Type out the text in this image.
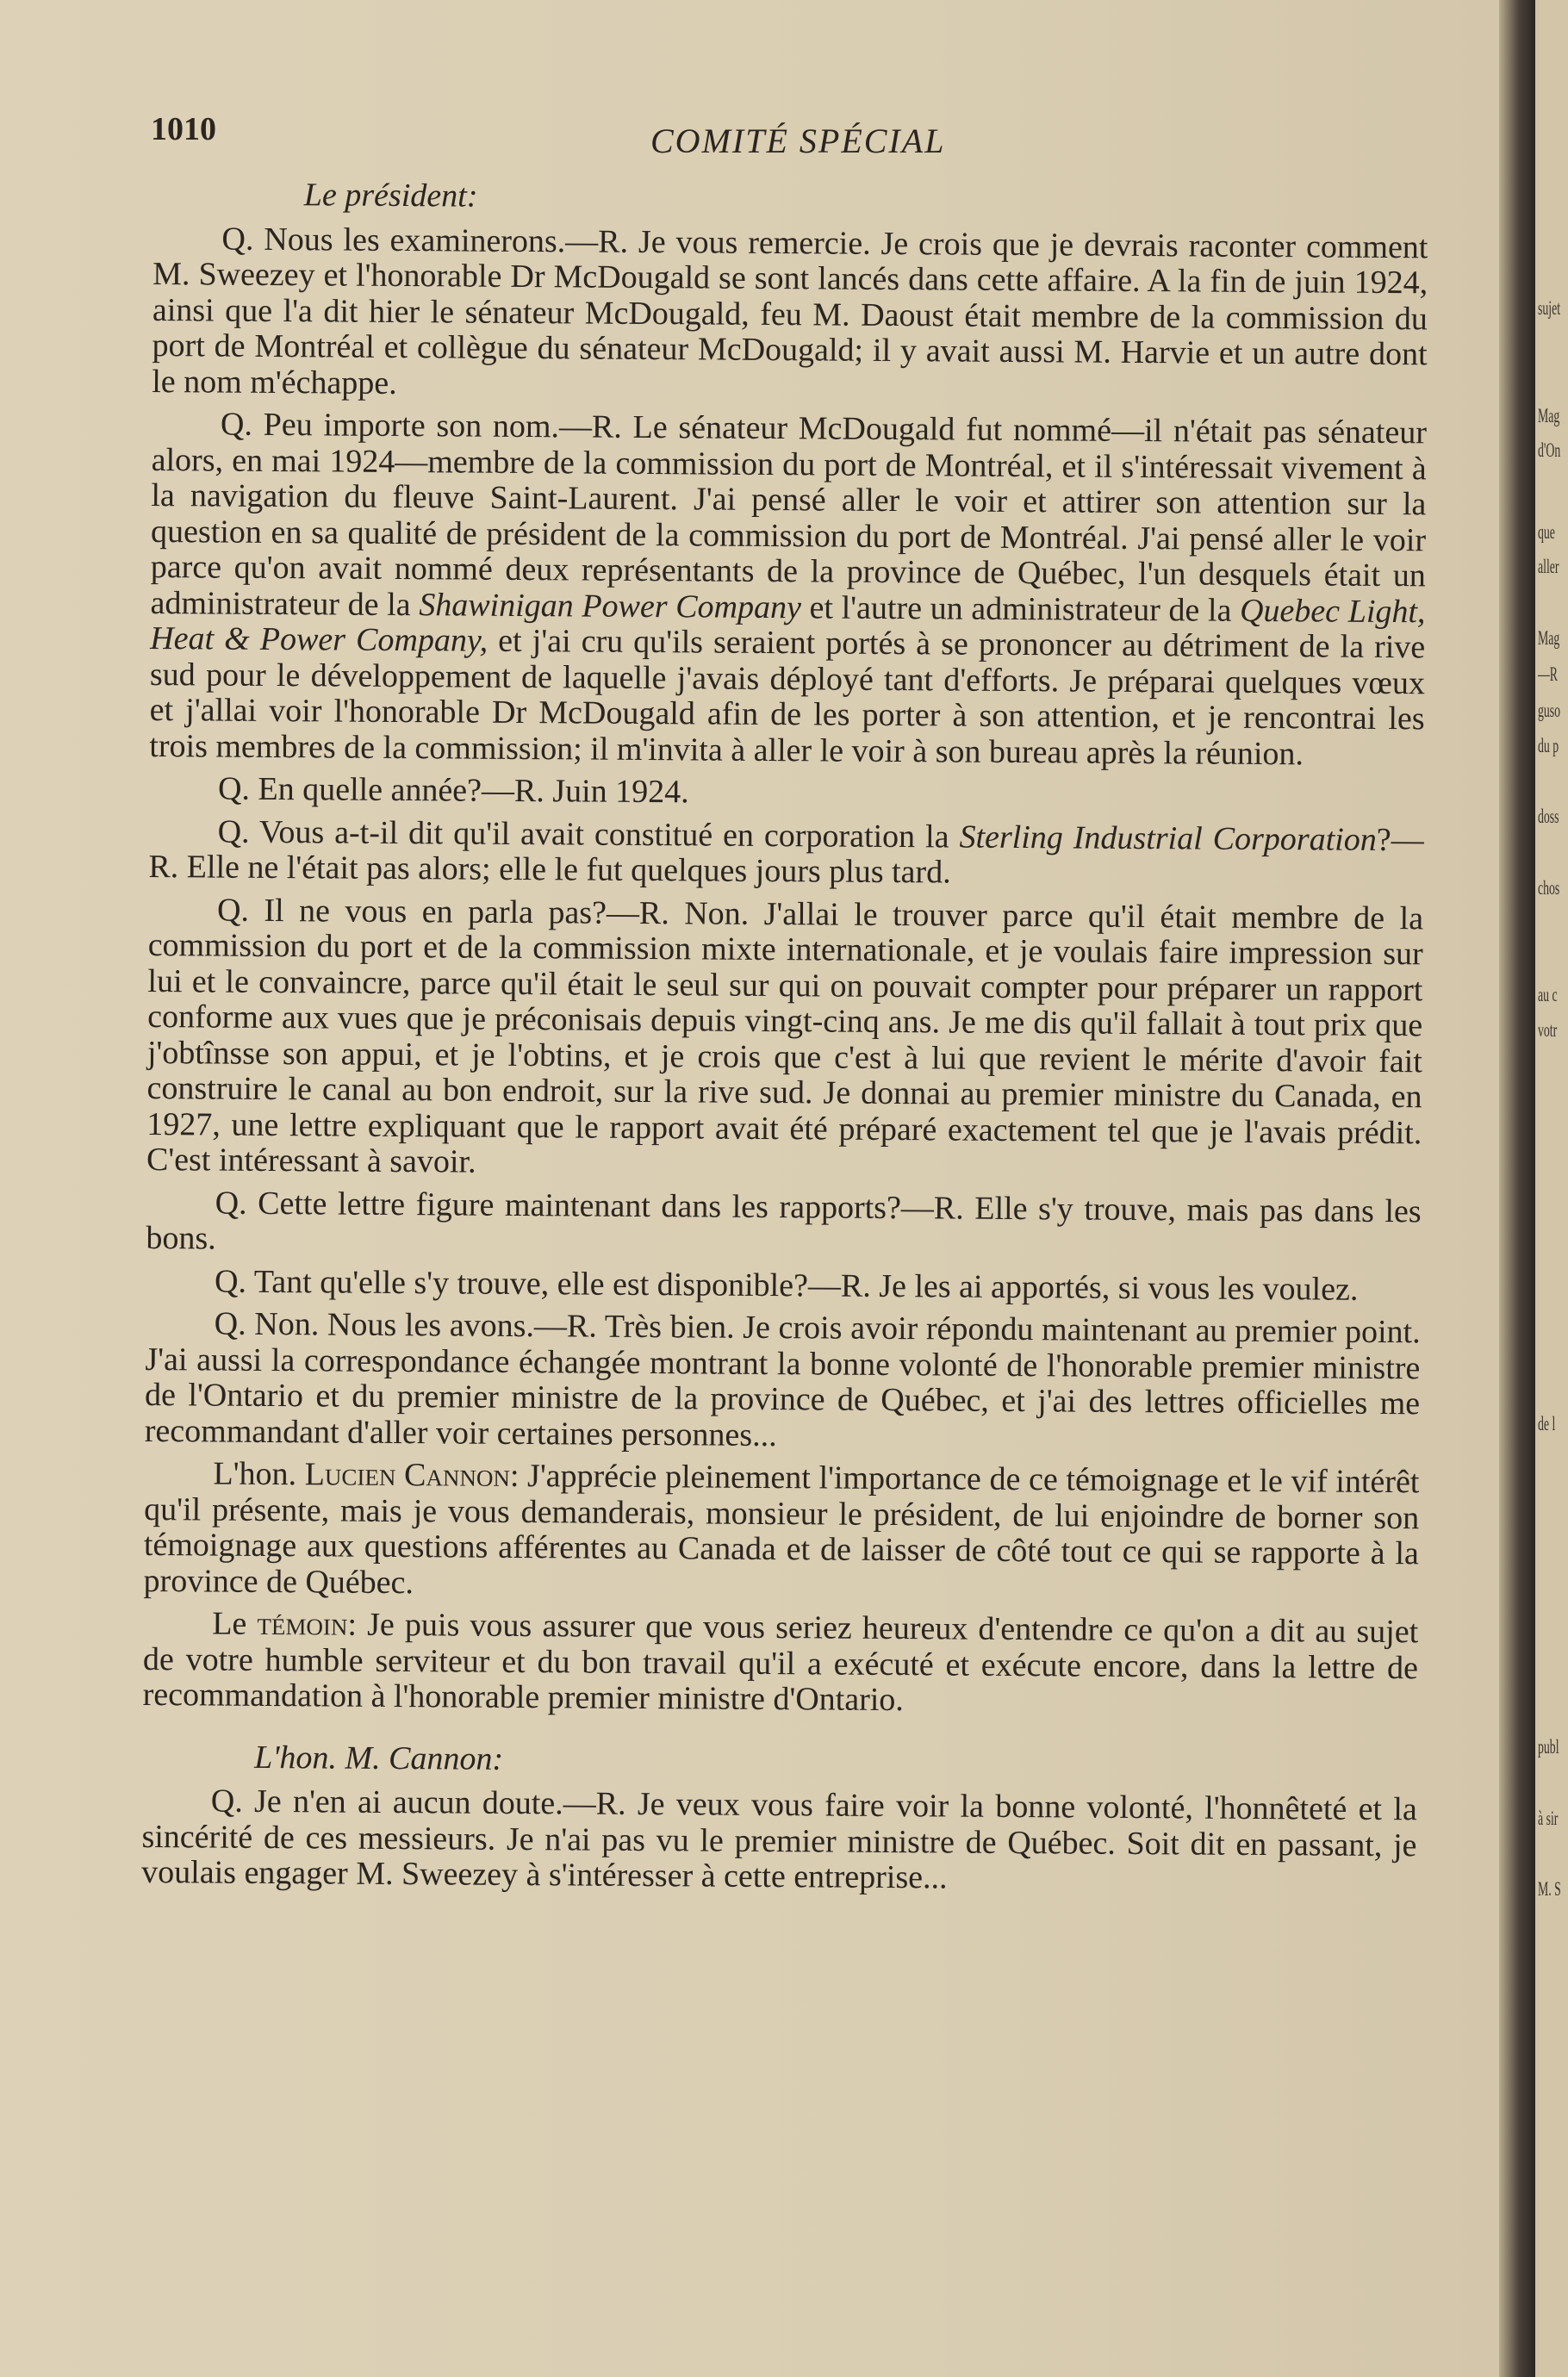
1010	COMITÉ SPÉCIAL
Le président:

Q. Nous les examinerons.—R. Je vous remercie. Je crois que je devrais raconter comment M. Sweezey et l'honorable Dr McDougald se sont lancés dans cette affaire. A la fin de juin 1924, ainsi que l'a dit hier le sénateur McDougald, feu M. Daoust était membre de la commission du port de Montréal et collègue du sénateur McDougald; il y avait aussi M. Harvie et un autre dont le nom m'échappe.

Q. Peu importe son nom.—R. Le sénateur McDougald fut nommé—il n'était pas sénateur alors, en mai 1924—membre de la commission du port de Montréal, et il s'intéressait vivement à la navigation du fleuve Saint-Laurent. J'ai pensé aller le voir et attirer son attention sur la question en sa qualité de président de la commission du port de Montréal. J'ai pensé aller le voir parce qu'on avait nommé deux représentants de la province de Québec, l'un desquels était un administrateur de la Shawinigan Power Company et l'autre un administrateur de la Quebec Light, Heat & Power Company, et j'ai cru qu'ils seraient portés à se prononcer au détriment de la rive sud pour le développement de laquelle j'avais déployé tant d'efforts. Je préparai quelques vœux et j'allai voir l'honorable Dr McDougald afin de les porter à son attention, et je rencontrai les trois membres de la commission; il m'invita à aller le voir à son bureau après la réunion.

Q. En quelle année?—R. Juin 1924.

Q. Vous a-t-il dit qu'il avait constitué en corporation la Sterling Industrial Corporation?—R. Elle ne l'était pas alors; elle le fut quelques jours plus tard.

Q. Il ne vous en parla pas?—R. Non. J'allai le trouver parce qu'il était membre de la commission du port et de la commission mixte internationale, et je voulais faire impression sur lui et le convaincre, parce qu'il était le seul sur qui on pouvait compter pour préparer un rapport conforme aux vues que je préconisais depuis vingt-cinq ans. Je me dis qu'il fallait à tout prix que j'obtînsse son appui, et je l'obtins, et je crois que c'est à lui que revient le mérite d'avoir fait construire le canal au bon endroit, sur la rive sud. Je donnai au premier ministre du Canada, en 1927, une lettre expliquant que le rapport avait été préparé exactement tel que je l'avais prédit. C'est intéressant à savoir.

Q. Cette lettre figure maintenant dans les rapports?—R. Elle s'y trouve, mais pas dans les bons.

Q. Tant qu'elle s'y trouve, elle est disponible?—R. Je les ai apportés, si vous les voulez.

Q. Non. Nous les avons.—R. Très bien. Je crois avoir répondu maintenant au premier point. J'ai aussi la correspondance échangée montrant la bonne volonté de l'honorable premier ministre de l'Ontario et du premier ministre de la province de Québec, et j'ai des lettres officielles me recommandant d'aller voir certaines personnes...

L'hon. Lucien Cannon: J'apprécie pleinement l'importance de ce témoignage et le vif intérêt qu'il présente, mais je vous demanderais, monsieur le président, de lui enjoindre de borner son témoignage aux questions afférentes au Canada et de laisser de côté tout ce qui se rapporte à la province de Québec.

Le témoin: Je puis vous assurer que vous seriez heureux d'entendre ce qu'on a dit au sujet de votre humble serviteur et du bon travail qu'il a exécuté et exécute encore, dans la lettre de recommandation à l'honorable premier ministre d'Ontario.

L'hon. M. Cannon:

Q. Je n'en ai aucun doute.—R. Je veux vous faire voir la bonne volonté, l'honnêteté et la sincérité de ces messieurs. Je n'ai pas vu le premier ministre de Québec. Soit dit en passant, je voulais engager M. Sweezey à s'intéresser à cette entreprise...

sujet
Mag
d'On
que
aller
Mag
—R
guso
du p
doss
chos
au c
votr
de l
publ
à sir
M. S
